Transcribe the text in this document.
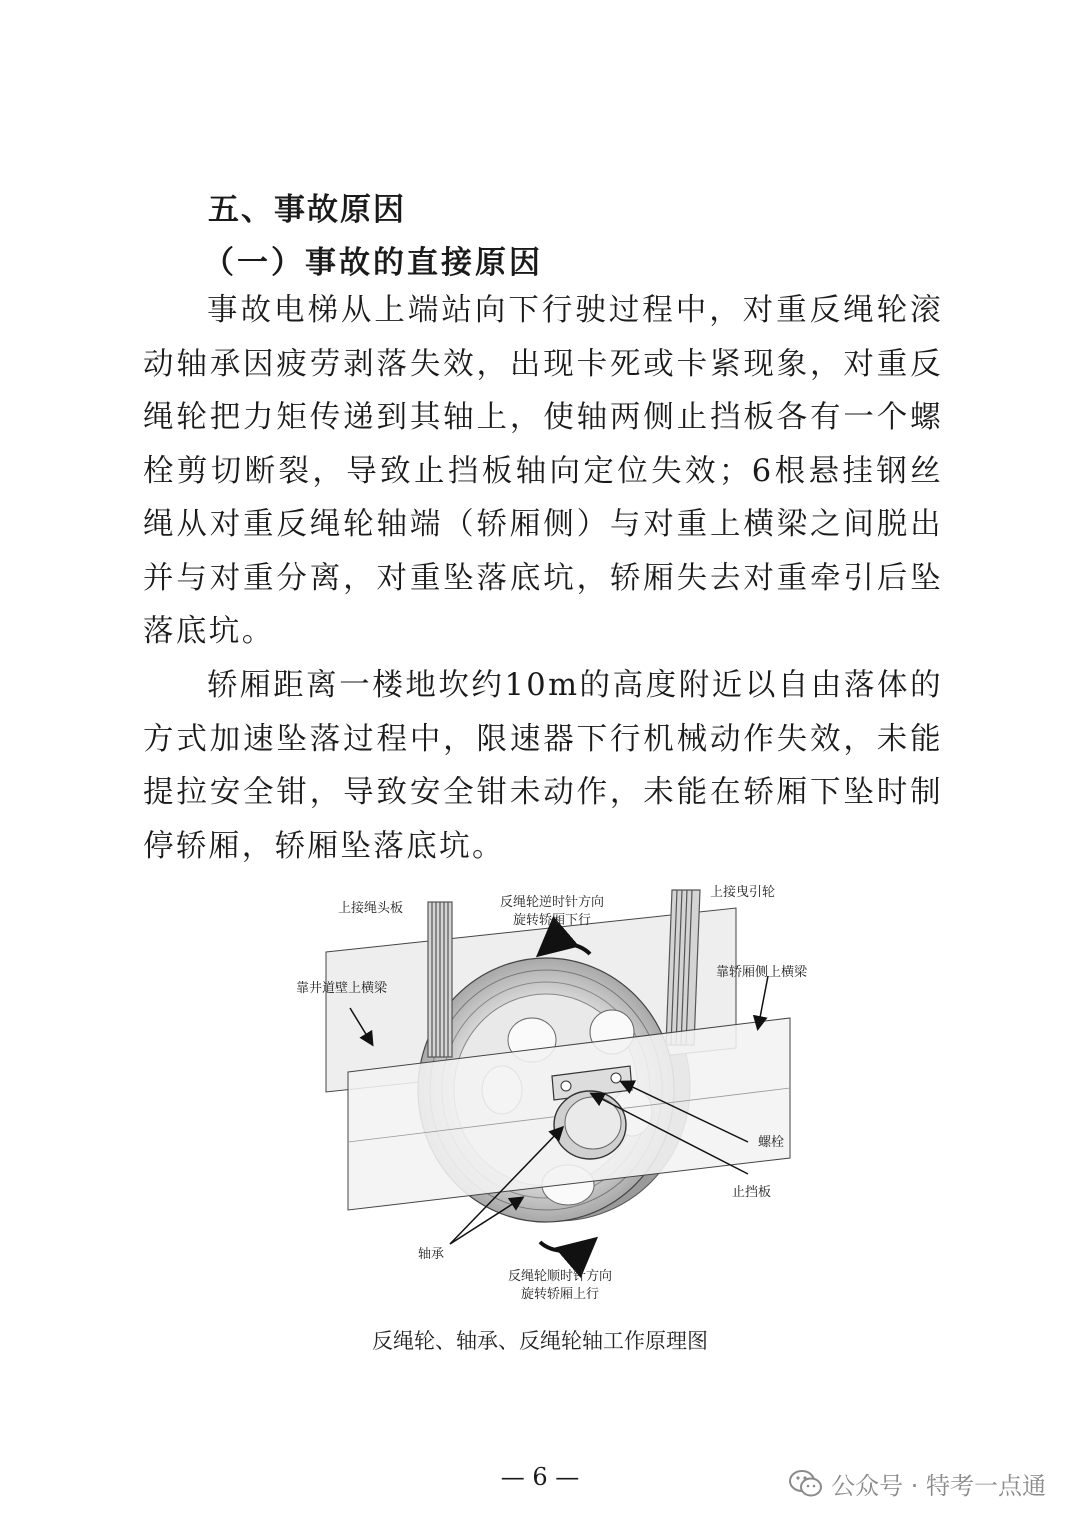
五、事故原因
（一）事故的直接原因

事故电梯从上端站向下行驶过程中，对重反绳轮滚动轴承因疲劳剥落失效，出现卡死或卡紧现象，对重反绳轮把力矩传递到其轴上，使轴两侧止挡板各有一个螺栓剪切断裂，导致止挡板轴向定位失效；6根悬挂钢丝绳从对重反绳轮轴端（轿厢侧）与对重上横梁之间脱出并与对重分离，对重坠落底坑，轿厢失去对重牵引后坠落底坑。

轿厢距离一楼地坎约10m的高度附近以自由落体的方式加速坠落过程中，限速器下行机械动作失效，未能提拉安全钳，导致安全钳未动作，未能在轿厢下坠时制停轿厢，轿厢坠落底坑。

上接绳头板	反绳轮逆时针方向
旋转轿厢下行
上接曳引轮
靠井道壁上横梁
靠轿厢侧上横梁
螺栓
止挡板
轴承
反绳轮顺时针方向
旋转轿厢上行
反绳轮、轴承、反绳轮轴工作原理图
— 6 —	公众号 · 特考一点通
